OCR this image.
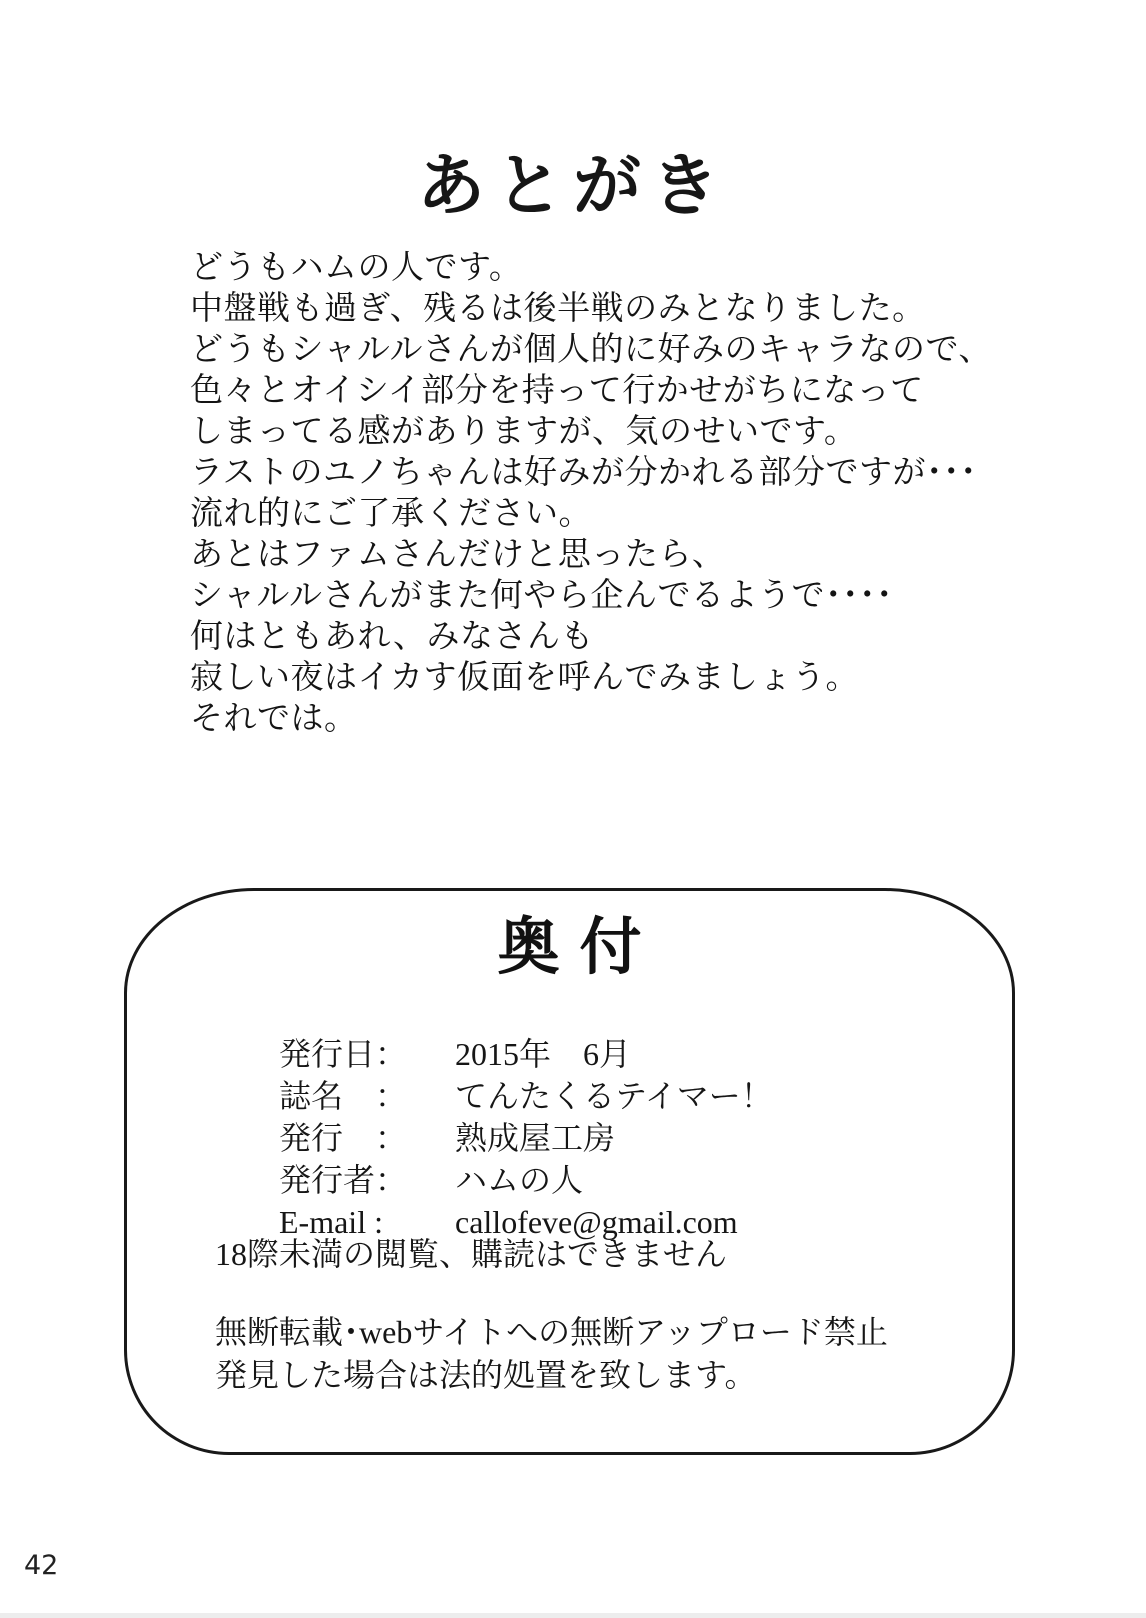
あとがき
どうもハムの人です。
中盤戦も過ぎ、残るは後半戦のみとなりました。
どうもシャルルさんが個人的に好みのキャラなので、
色々とオイシイ部分を持って行かせがちになって
しまってる感がありますが、気のせいです。
ラストのユノちゃんは好みが分かれる部分ですが･･･
流れ的にご了承ください。
あとはファムさんだけと思ったら、
シャルルさんがまた何やら企んでるようで････
何はともあれ、みなさんも
寂しい夜はイカす仮面を呼んでみましょう。
それでは。
奥付

発行日： 2015年　6月

誌名　： てんたくるテイマー！

発行　： 熟成屋工房

発行者： ハムの人

E-mail : callofeve@gmail.com

18際未満の閲覧、購読はできません
無断転載･webサイトへの無断アップロード禁止
発見した場合は法的処置を致します。
42
